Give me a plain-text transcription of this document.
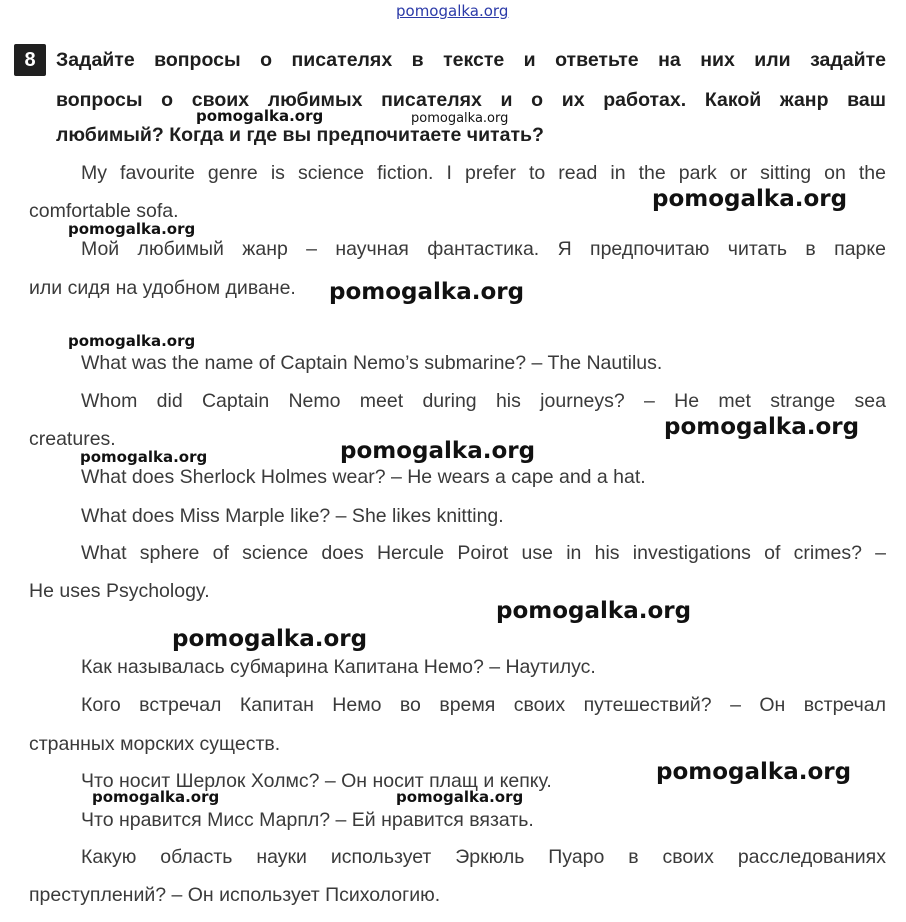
pomogalka.org
8	Задайте вопросы о писателях в тексте и ответьте на них или задайте
вопросы о своих любимых писателях и о их работах. Какой жанр ваш
любимый? Когда и где вы предпочитаете читать?
My favourite genre is science fiction. I prefer to read in the park or sitting on the
comfortable sofa.
Мой любимый жанр – научная фантастика. Я предпочитаю читать в парке
или сидя на удобном диване.
What was the name of Captain Nemo’s submarine? – The Nautilus.
Whom did Captain Nemo meet during his journeys? – He met strange sea
creatures.
What does Sherlock Holmes wear? – He wears a cape and a hat.
What does Miss Marple like? – She likes knitting.
What sphere of science does Hercule Poirot use in his investigations of crimes? –
He uses Psychology.
Как называлась субмарина Капитана Немо? – Наутилус.
Кого встречал Капитан Немо во время своих путешествий? – Он встречал
странных морских существ.
Что носит Шерлок Холмс? – Он носит плащ и кепку.
Что нравится Мисс Марпл? – Ей нравится вязать.
Какую область науки использует Эркюль Пуаро в своих расследованиях
преступлений? – Он использует Психологию.
pomogalka.org	pomogalka.org
pomogalka.org
pomogalka.org
pomogalka.org
pomogalka.org
pomogalka.org
pomogalka.org
pomogalka.org
pomogalka.org
pomogalka.org
pomogalka.org
pomogalka.org	pomogalka.org
